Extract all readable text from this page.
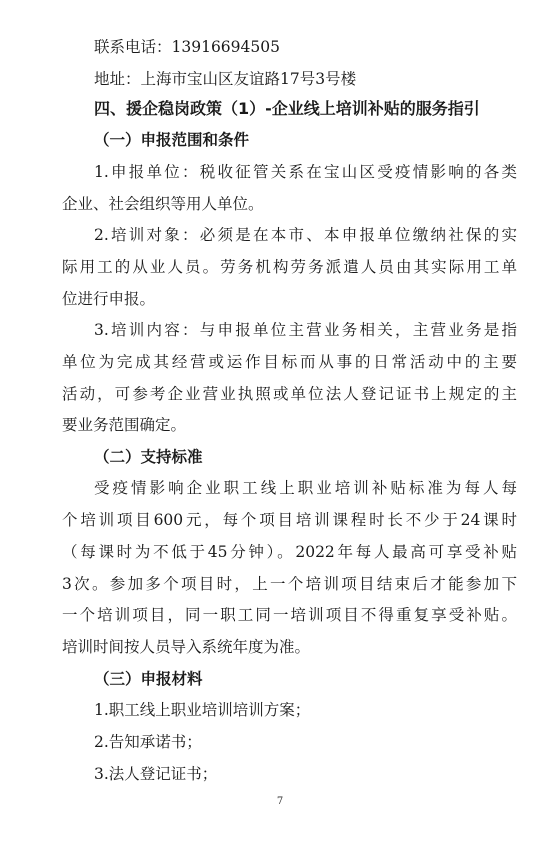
联系电话：13916694505
地址：上海市宝山区友谊路17号3号楼
四、援企稳岗政策（1）-企业线上培训补贴的服务指引
（一）申报范围和条件
1.申报单位：税收征管关系在宝山区受疫情影响的各类
企业、社会组织等用人单位。
2.培训对象：必须是在本市、本申报单位缴纳社保的实
际用工的从业人员。劳务机构劳务派遣人员由其实际用工单
位进行申报。
3.培训内容：与申报单位主营业务相关，主营业务是指
单位为完成其经营或运作目标而从事的日常活动中的主要
活动，可参考企业营业执照或单位法人登记证书上规定的主
要业务范围确定。
（二）支持标准
受疫情影响企业职工线上职业培训补贴标准为每人每
个培训项目600元，每个项目培训课程时长不少于24课时
（每课时为不低于45分钟）。2022年每人最高可享受补贴
3次。参加多个项目时，上一个培训项目结束后才能参加下
一个培训项目，同一职工同一培训项目不得重复享受补贴。
培训时间按人员导入系统年度为准。
（三）申报材料
1.职工线上职业培训培训方案；
2.告知承诺书；
3.法人登记证书；
7
